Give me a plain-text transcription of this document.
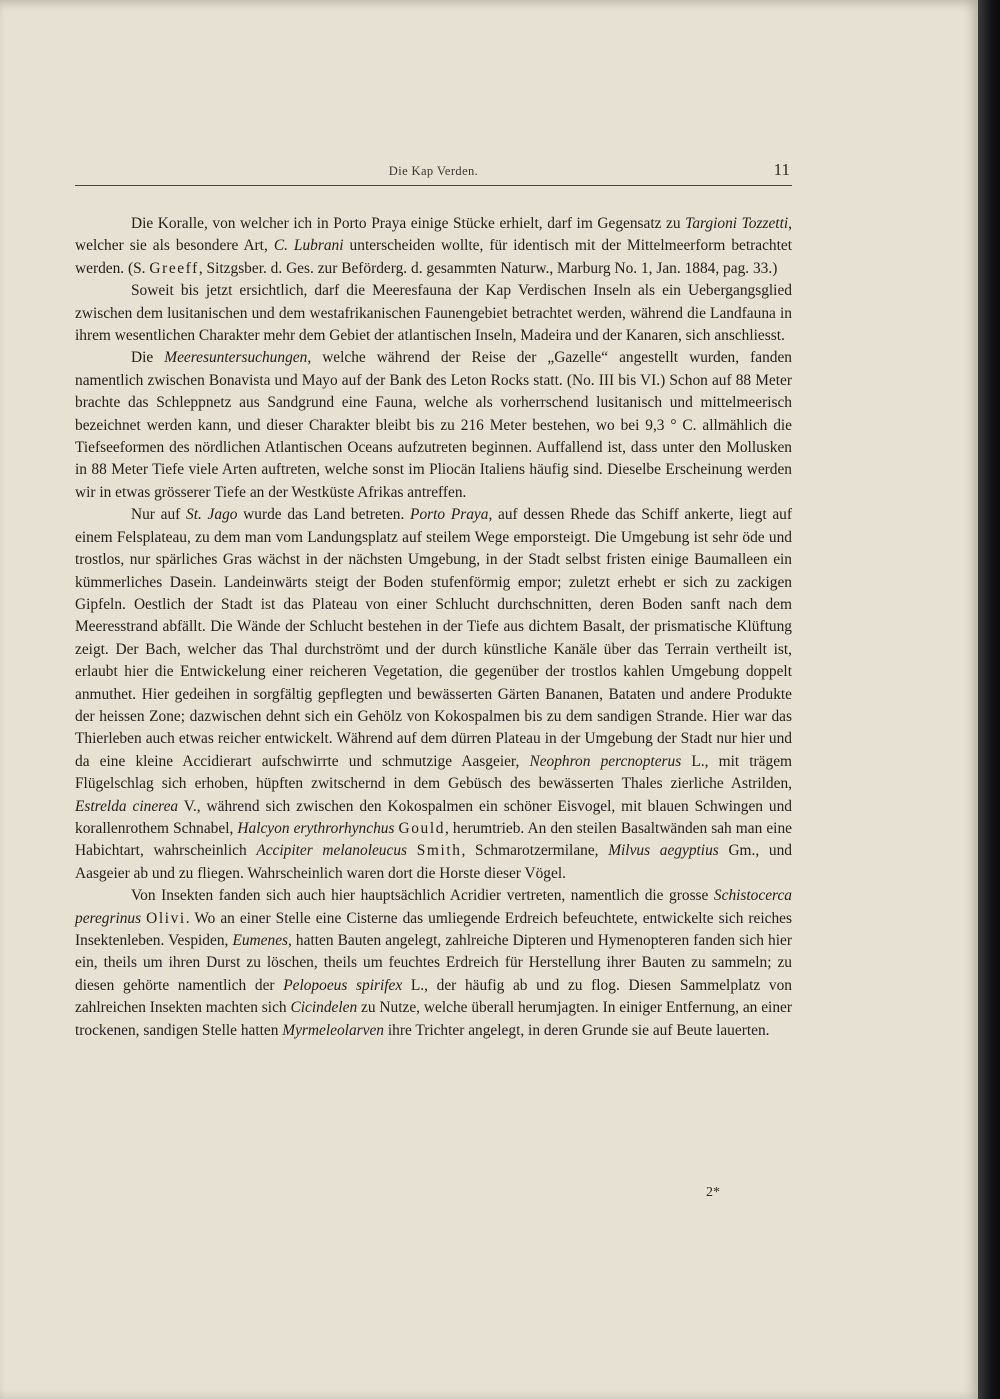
Die Kap Verden.	11

Die Koralle, von welcher ich in Porto Praya einige Stücke erhielt, darf im Gegensatz zu Targioni Tozzetti, welcher sie als besondere Art, C. Lubrani unterscheiden wollte, für identisch mit der Mittelmeerform betrachtet werden. (S. Greeff, Sitzgsber. d. Ges. zur Beförderg. d. gesammten Naturw., Marburg No. 1, Jan. 1884, pag. 33.)

Soweit bis jetzt ersichtlich, darf die Meeresfauna der Kap Verdischen Inseln als ein Uebergangsglied zwischen dem lusitanischen und dem westafrikanischen Faunengebiet betrachtet werden, während die Landfauna in ihrem wesentlichen Charakter mehr dem Gebiet der atlantischen Inseln, Madeira und der Kanaren, sich anschliesst.

Die Meeresuntersuchungen, welche während der Reise der „Gazelle“ angestellt wurden, fanden namentlich zwischen Bonavista und Mayo auf der Bank des Leton Rocks statt. (No. III bis VI.) Schon auf 88 Meter brachte das Schleppnetz aus Sandgrund eine Fauna, welche als vorherrschend lusitanisch und mittelmeerisch bezeichnet werden kann, und dieser Charakter bleibt bis zu 216 Meter bestehen, wo bei 9,3 ° C. allmählich die Tiefseeformen des nördlichen Atlantischen Oceans aufzutreten beginnen. Auffallend ist, dass unter den Mollusken in 88 Meter Tiefe viele Arten auftreten, welche sonst im Pliocän Italiens häufig sind. Dieselbe Erscheinung werden wir in etwas grösserer Tiefe an der Westküste Afrikas antreffen.

Nur auf St. Jago wurde das Land betreten. Porto Praya, auf dessen Rhede das Schiff ankerte, liegt auf einem Felsplateau, zu dem man vom Landungsplatz auf steilem Wege emporsteigt. Die Umgebung ist sehr öde und trostlos, nur spärliches Gras wächst in der nächsten Umgebung, in der Stadt selbst fristen einige Baumalleen ein kümmerliches Dasein. Landeinwärts steigt der Boden stufenförmig empor; zuletzt erhebt er sich zu zackigen Gipfeln. Oestlich der Stadt ist das Plateau von einer Schlucht durchschnitten, deren Boden sanft nach dem Meeresstrand abfällt. Die Wände der Schlucht bestehen in der Tiefe aus dichtem Basalt, der prismatische Klüftung zeigt. Der Bach, welcher das Thal durchströmt und der durch künstliche Kanäle über das Terrain vertheilt ist, erlaubt hier die Entwickelung einer reicheren Vegetation, die gegenüber der trostlos kahlen Umgebung doppelt anmuthet. Hier gedeihen in sorgfältig gepflegten und bewässerten Gärten Bananen, Bataten und andere Produkte der heissen Zone; dazwischen dehnt sich ein Gehölz von Kokospalmen bis zu dem sandigen Strande. Hier war das Thierleben auch etwas reicher entwickelt. Während auf dem dürren Plateau in der Umgebung der Stadt nur hier und da eine kleine Accidierart aufschwirrte und schmutzige Aasgeier, Neophron percnopterus L., mit trägem Flügelschlag sich erhoben, hüpften zwitschernd in dem Gebüsch des bewässerten Thales zierliche Astrilden, Estrelda cinerea V., während sich zwischen den Kokospalmen ein schöner Eisvogel, mit blauen Schwingen und korallenrothem Schnabel, Halcyon erythrorhynchus Gould, herumtrieb. An den steilen Basaltwänden sah man eine Habichtart, wahrscheinlich Accipiter melanoleucus Smith, Schmarotzermilane, Milvus aegyptius Gm., und Aasgeier ab und zu fliegen. Wahrscheinlich waren dort die Horste dieser Vögel.

Von Insekten fanden sich auch hier hauptsächlich Acridier vertreten, namentlich die grosse Schistocerca peregrinus Olivi. Wo an einer Stelle eine Cisterne das umliegende Erdreich befeuchtete, entwickelte sich reiches Insektenleben. Vespiden, Eumenes, hatten Bauten angelegt, zahlreiche Dipteren und Hymenopteren fanden sich hier ein, theils um ihren Durst zu löschen, theils um feuchtes Erdreich für Herstellung ihrer Bauten zu sammeln; zu diesen gehörte namentlich der Pelopoeus spirifex L., der häufig ab und zu flog. Diesen Sammelplatz von zahlreichen Insekten machten sich Cicindelen zu Nutze, welche überall herumjagten. In einiger Entfernung, an einer trockenen, sandigen Stelle hatten Myrmeleolarven ihre Trichter angelegt, in deren Grunde sie auf Beute lauerten.

2*
